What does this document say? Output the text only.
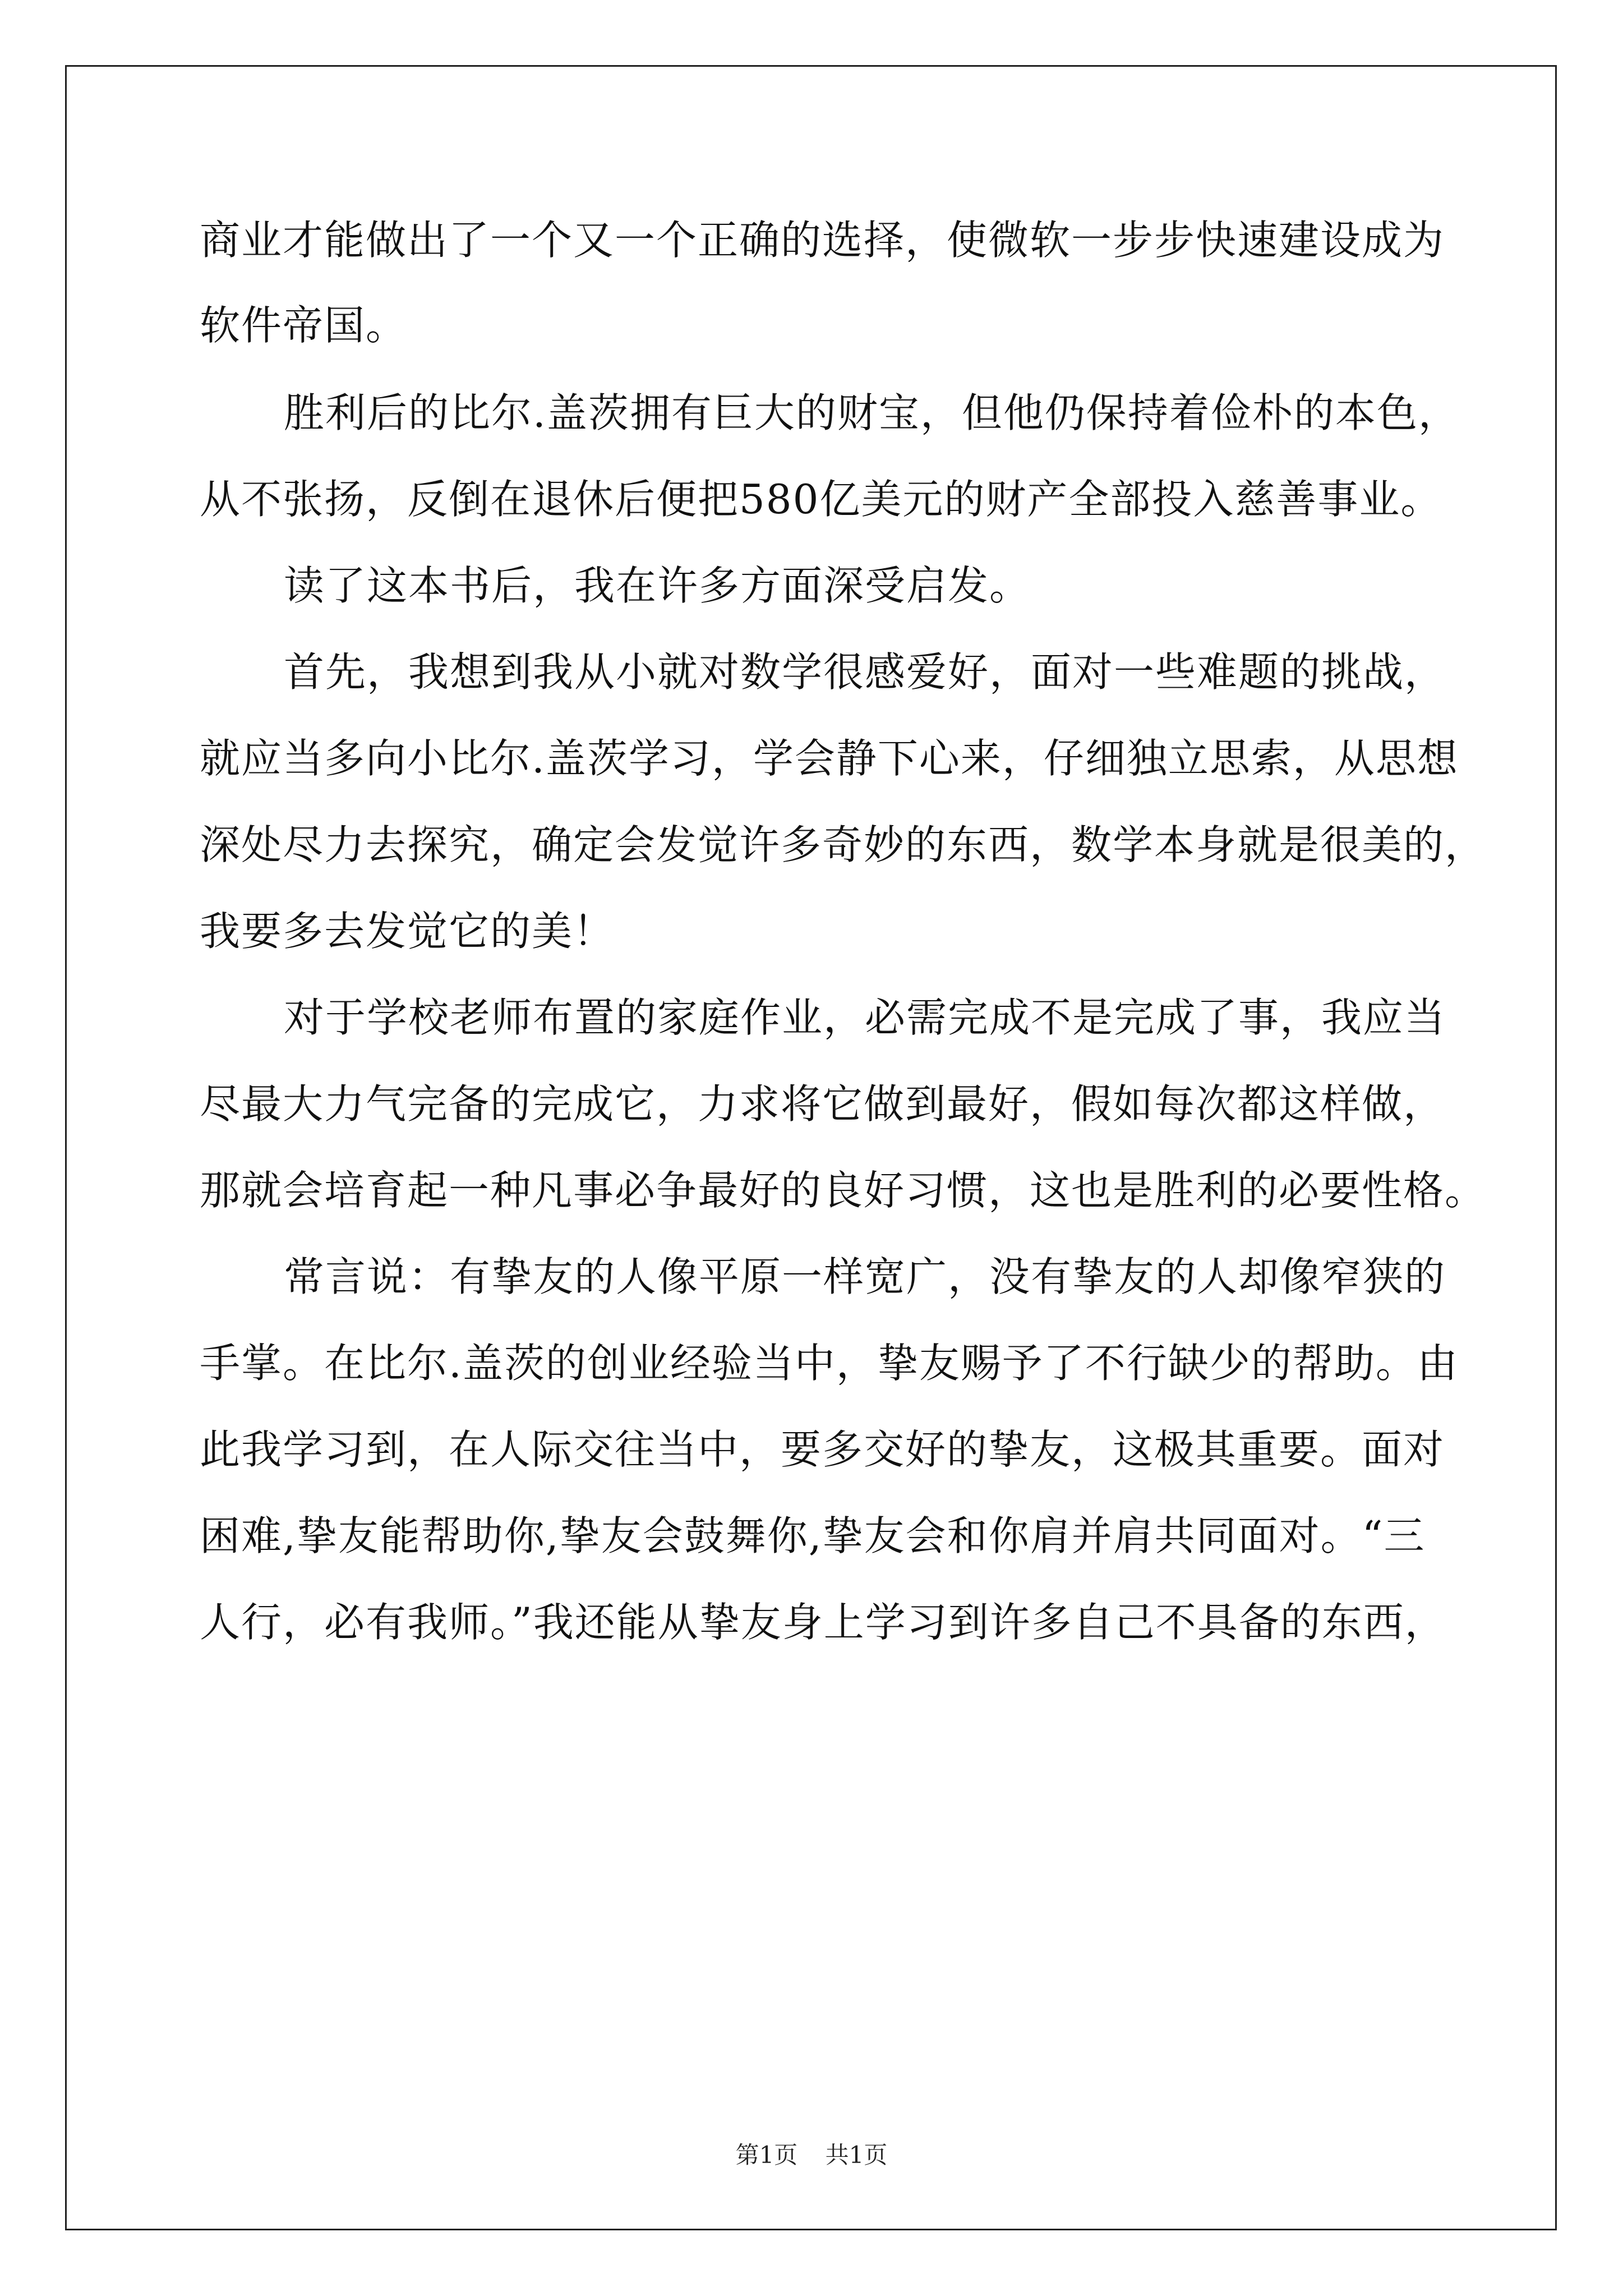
商业才能做出了一个又一个正确的选择，使微软一步步快速建设成为
软件帝国。
胜利后的比尔.盖茨拥有巨大的财宝，但他仍保持着俭朴的本色，
从不张扬，反倒在退休后便把580亿美元的财产全部投入慈善事业。
读了这本书后，我在许多方面深受启发。
首先，我想到我从小就对数学很感爱好，面对一些难题的挑战，
就应当多向小比尔.盖茨学习，学会静下心来，仔细独立思索，从思想
深处尽力去探究，确定会发觉许多奇妙的东西，数学本身就是很美的，
我要多去发觉它的美！
对于学校老师布置的家庭作业，必需完成不是完成了事，我应当
尽最大力气完备的完成它，力求将它做到最好，假如每次都这样做，
那就会培育起一种凡事必争最好的良好习惯，这也是胜利的必要性格。
常言说：有挚友的人像平原一样宽广，没有挚友的人却像窄狭的
手掌。在比尔.盖茨的创业经验当中，挚友赐予了不行缺少的帮助。由
此我学习到，在人际交往当中，要多交好的挚友，这极其重要。面对
困难,挚友能帮助你,挚友会鼓舞你,挚友会和你肩并肩共同面对。“三
人行，必有我师。”我还能从挚友身上学习到许多自己不具备的东西，
第1页 共1页
